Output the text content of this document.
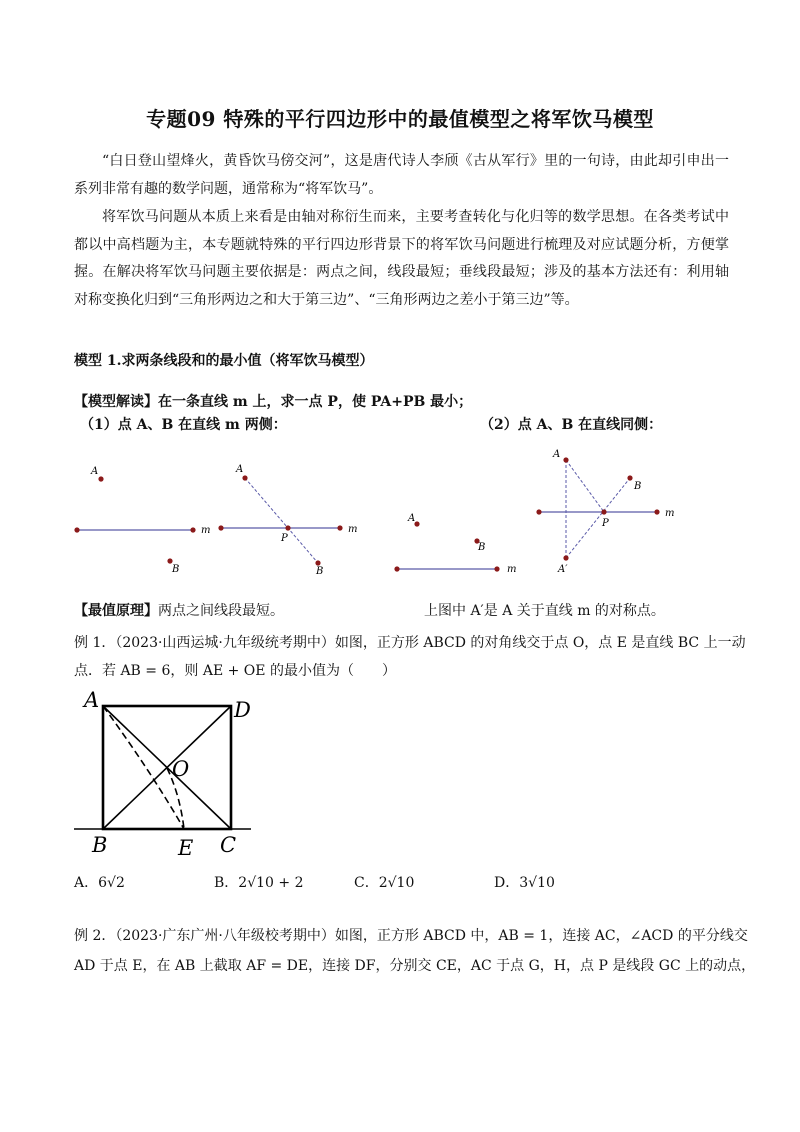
专题09 特殊的平行四边形中的最值模型之将军饮马模型
“白日登山望烽火，黄昏饮马傍交河”，这是唐代诗人李颀《古从军行》里的一句诗，由此却引申出一系列非常有趣的数学问题，通常称为“将军饮马”。
将军饮马问题从本质上来看是由轴对称衍生而来，主要考查转化与化归等的数学思想。在各类考试中都以中高档题为主，本专题就特殊的平行四边形背景下的将军饮马问题进行梳理及对应试题分析，方便掌握。在解决将军饮马问题主要依据是：两点之间，线段最短；垂线段最短；涉及的基本方法还有：利用轴对称变换化归到“三角形两边之和大于第三边”、“三角形两边之差小于第三边”等。
模型 1.求两条线段和的最小值（将军饮马模型）
【模型解读】在一条直线 m 上，求一点 P，使 PA+PB 最小；
（1）点 A、B 在直线 m 两侧：	（2）点 A、B 在直线同侧：
A
B
m
A
B
P
m
A
B
m
A
B
P
m
A′
A	D
O
B	E C
【最值原理】两点之间线段最短。	上图中 A′是 A 关于直线 m 的对称点。
例 1．（2023·山西运城·九年级统考期中）如图，正方形 ABCD 的对角线交于点 O，点 E 是直线 BC 上一动
点．若 AB = 6，则 AE + OE 的最小值为（　　）
A．6√2	B．2√10 + 2	C．2√10	D．3√10
例 2．（2023·广东广州·八年级校考期中）如图，正方形 ABCD 中，AB = 1，连接 AC，∠ACD 的平分线交
AD 于点 E，在 AB 上截取 AF = DE，连接 DF，分别交 CE，AC 于点 G，H，点 P 是线段 GC 上的动点，
